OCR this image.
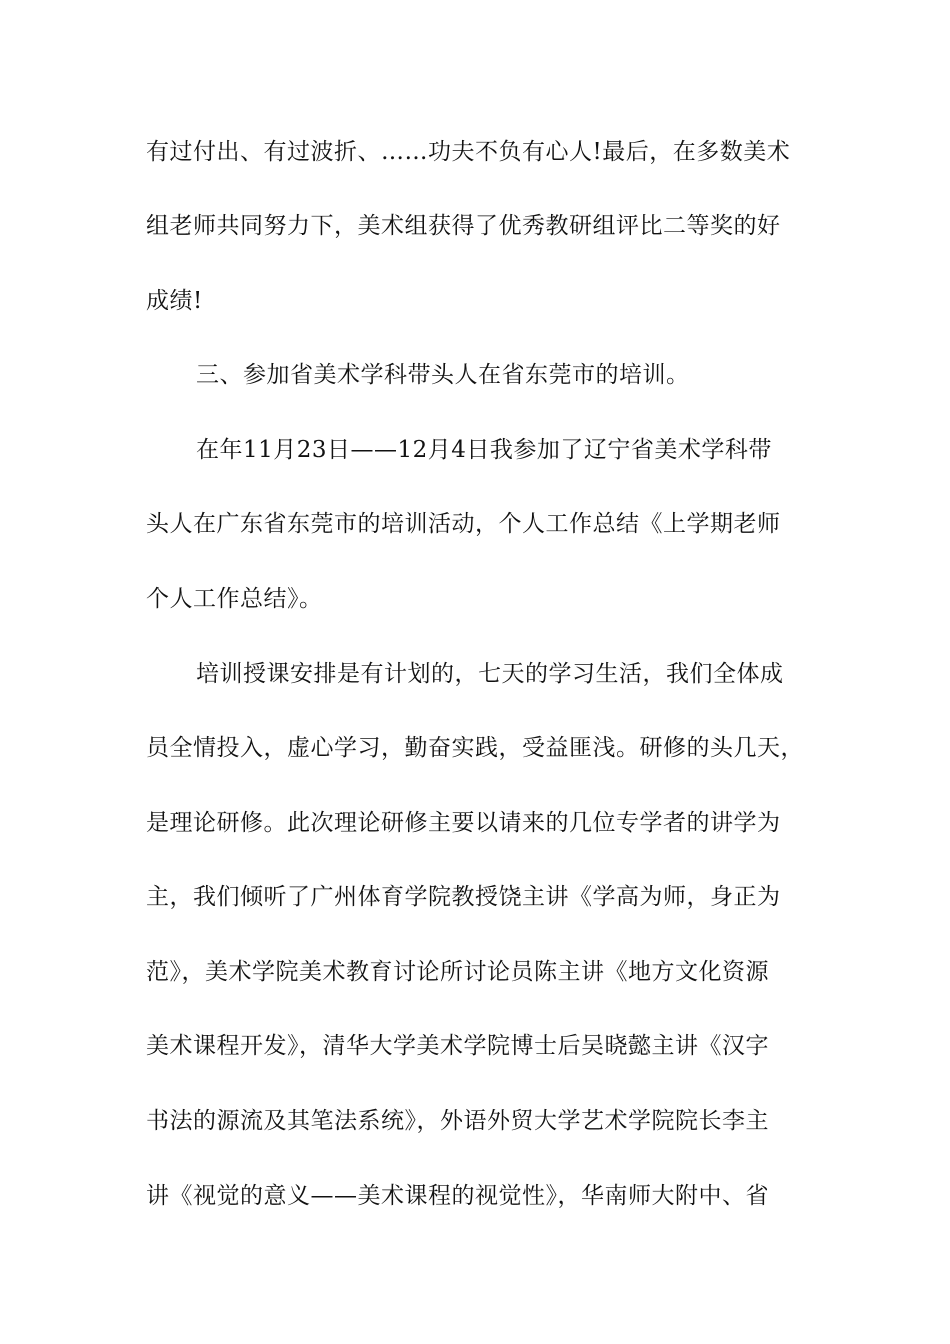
有过付出、有过波折、……功夫不负有心人!最后，在多数美术
组老师共同努力下，美术组获得了优秀教研组评比二等奖的好
成绩!
三、参加省美术学科带头人在省东莞市的培训。
在年11月23日——12月4日我参加了辽宁省美术学科带
头人在广东省东莞市的培训活动，个人工作总结《上学期老师
个人工作总结》。
培训授课安排是有计划的，七天的学习生活，我们全体成
员全情投入，虚心学习，勤奋实践，受益匪浅。研修的头几天，
是理论研修。此次理论研修主要以请来的几位专学者的讲学为
主，我们倾听了广州体育学院教授饶主讲《学高为师，身正为
范》，美术学院美术教育讨论所讨论员陈主讲《地方文化资源
美术课程开发》，清华大学美术学院博士后吴晓懿主讲《汉字
书法的源流及其笔法系统》，外语外贸大学艺术学院院长李主
讲《视觉的意义——美术课程的视觉性》，华南师大附中、省
